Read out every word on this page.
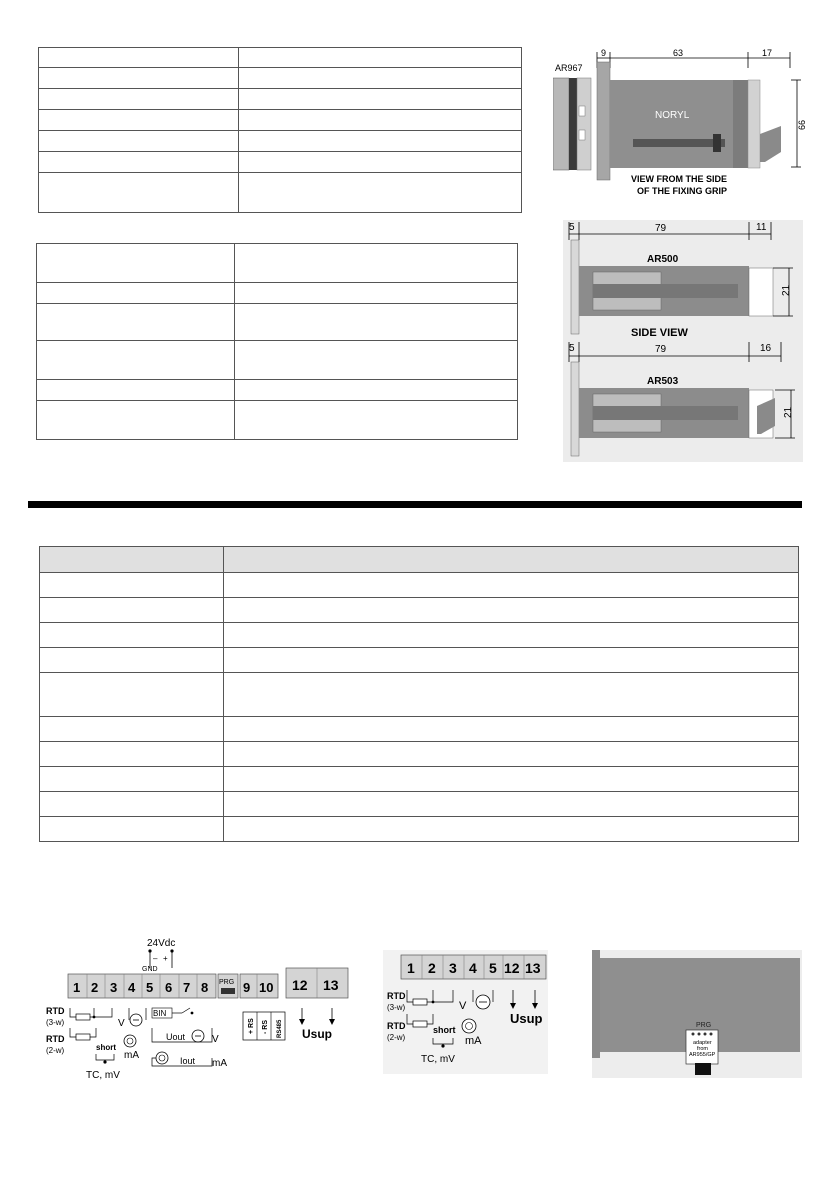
9	63	17
66
AR967
NORYL
VIEW FROM THE SIDE
OF THE FIXING GRIP
5	79	11
AR500
21
SIDE VIEW
5	79	16
AR503
21

24Vdc
– +
GND
1 2 3 4 5 6 7 8 PRG 9 10 12 13
Usup
+ RS - RS RS485
RTD
(3-w)	V
RTD
(2-w)	short
mA
TC, mV
BIN
Uout	V
Iout mA
1 2 3 4 5 12 13
RTD
(3-w)	V
RTD
(2-w)
short
mA
TC, mV
Usup	PRG
adapter
from
AR955/GP
